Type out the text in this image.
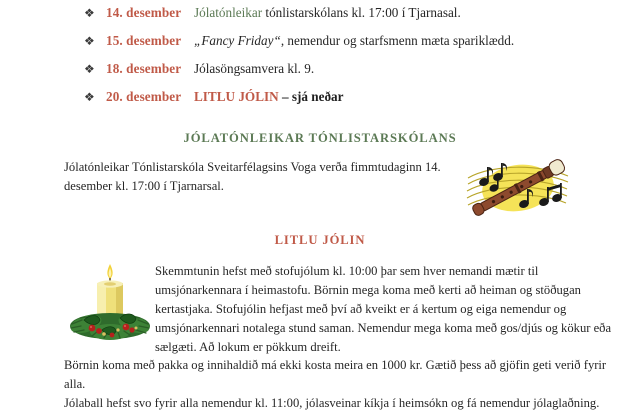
❖ 14. desember Jólatónleikar tónlistarskólans kl. 17:00 í Tjarnasal.
❖ 15. desember „Fancy Friday“, nemendur og starfsmenn mæta spariklædd.
❖ 18. desember Jólasöngsamvera kl. 9.
❖ 20. desember LITLU JÓLIN – sjá neðar
JÓLATÓNLEIKAR TÓNLISTARSKÓLANS
Jólatónleikar Tónlistarskóla Sveitarfélagsins Voga verða fimmtudaginn 14. desember kl. 17:00 í Tjarnarsal.
LITLU JÓLIN
Skemmtunin hefst með stofujólum kl. 10:00 þar sem hver nemandi mætir til umsjónarkennara í heimastofu. Börnin mega koma með kerti að heiman og stöðugan kertastjaka. Stofujólin hefjast með því að kveikt er á kertum og eiga nemendur og umsjónarkennari notalega stund saman. Nemendur mega koma með gos/djús og kökur eða sælgæti. Að lokum er pökkum dreift.
Börnin koma með pakka og innihaldið má ekki kosta meira en 1000 kr. Gætið þess að gjöfin geti verið fyrir alla.
Jólaball hefst svo fyrir alla nemendur kl. 11:00, jólasveinar kíkja í heimsókn og fá nemendur jólaglaðning.
